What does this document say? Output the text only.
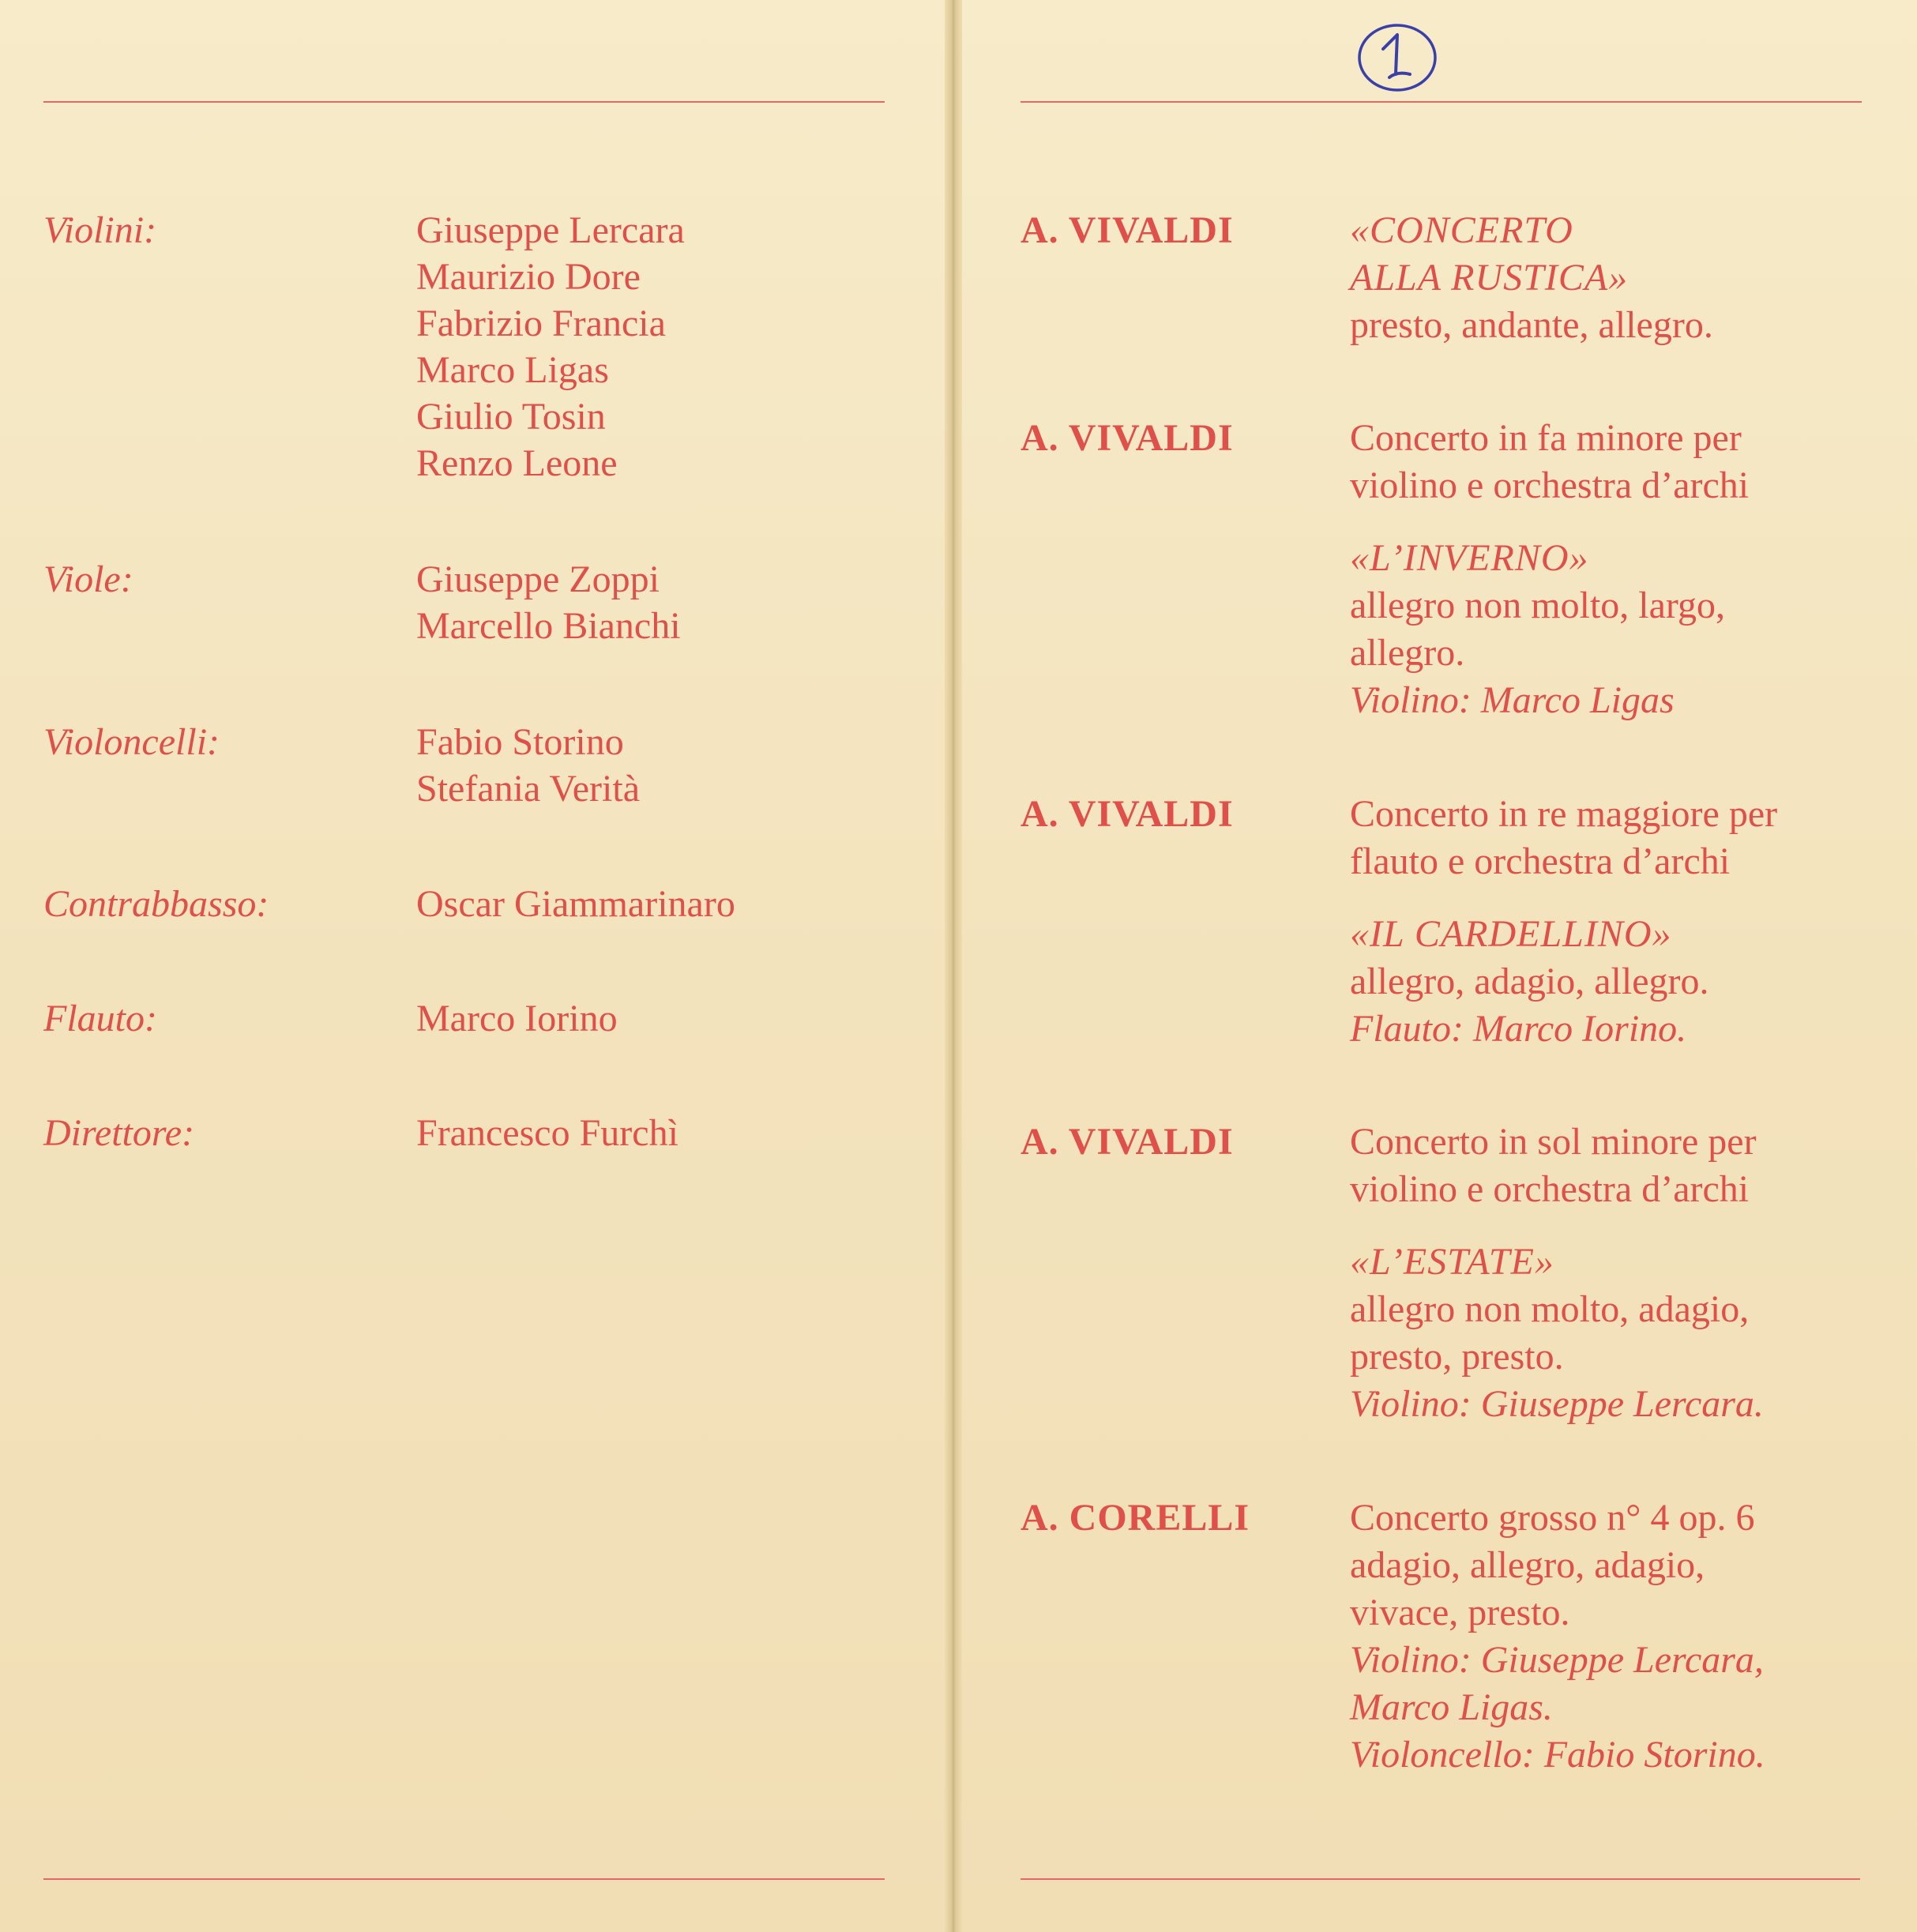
Violini:	Giuseppe Lercara
Maurizio Dore
Fabrizio Francia
Marco Ligas
Giulio Tosin
Renzo Leone
Viole:	Giuseppe Zoppi
Marcello Bianchi
Violoncelli:	Fabio Storino
Stefania Verità
Contrabbasso:	Oscar Giammarinaro
Flauto:	Marco Iorino
Direttore:	Francesco Furchì
A. VIVALDI	«CONCERTO
ALLA RUSTICA»
presto, andante, allegro.
A. VIVALDI	Concerto in fa minore per
violino e orchestra d’archi
«L’INVERNO»
allegro non molto, largo,
allegro.
Violino: Marco Ligas
A. VIVALDI	Concerto in re maggiore per
flauto e orchestra d’archi
«IL CARDELLINO»
allegro, adagio, allegro.
Flauto: Marco Iorino.
A. VIVALDI	Concerto in sol minore per
violino e orchestra d’archi
«L’ESTATE»
allegro non molto, adagio,
presto, presto.
Violino: Giuseppe Lercara.
A. CORELLI	Concerto grosso n° 4 op. 6
adagio, allegro, adagio,
vivace, presto.
Violino: Giuseppe Lercara,
Marco Ligas.
Violoncello: Fabio Storino.
